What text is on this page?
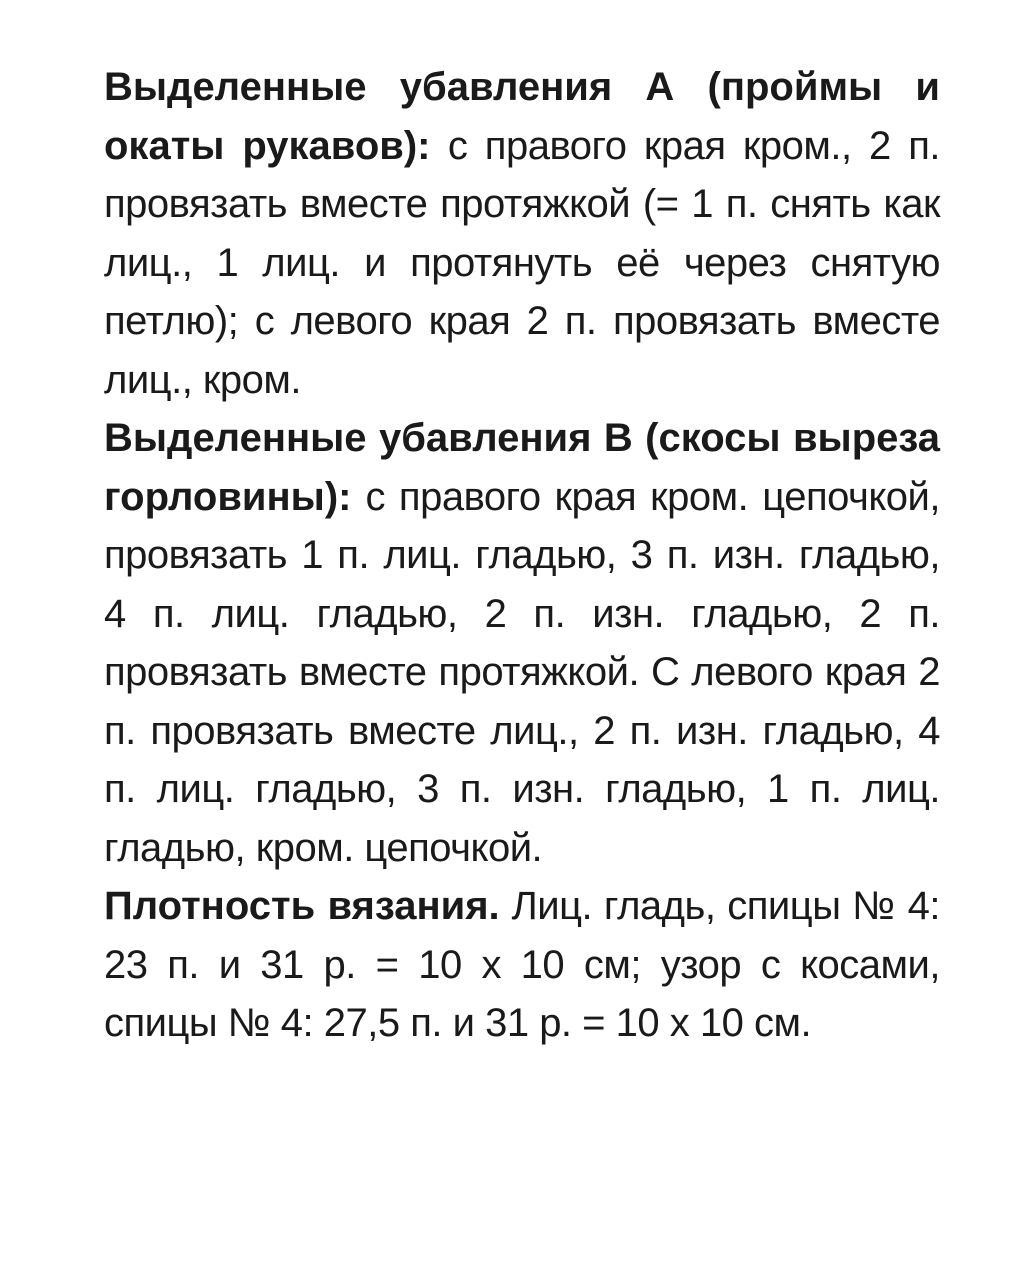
Выделенные убавления А (проймы и окаты рукавов): с правого края кром., 2 п. провязать вместе протяжкой (= 1 п. снять как лиц., 1 лиц. и протянуть её через снятую петлю); с левого края 2 п. провязать вместе лиц., кром.

Выделенные убавления В (скосы выреза горловины): с правого края кром. цепочкой, провязать 1 п. лиц. гладью, 3 п. изн. гладью, 4 п. лиц. гладью, 2 п. изн. гладью, 2 п. провязать вместе протяжкой. С левого края 2 п. провязать вместе лиц., 2 п. изн. гладью, 4 п. лиц. гладью, 3 п. изн. гладью, 1 п. лиц. гладью, кром. цепочкой.

Плотность вязания. Лиц. гладь, спицы № 4: 23 п. и 31 р. = 10 х 10 см; узор с косами, спицы № 4: 27,5 п. и 31 р. = 10 х 10 см.
